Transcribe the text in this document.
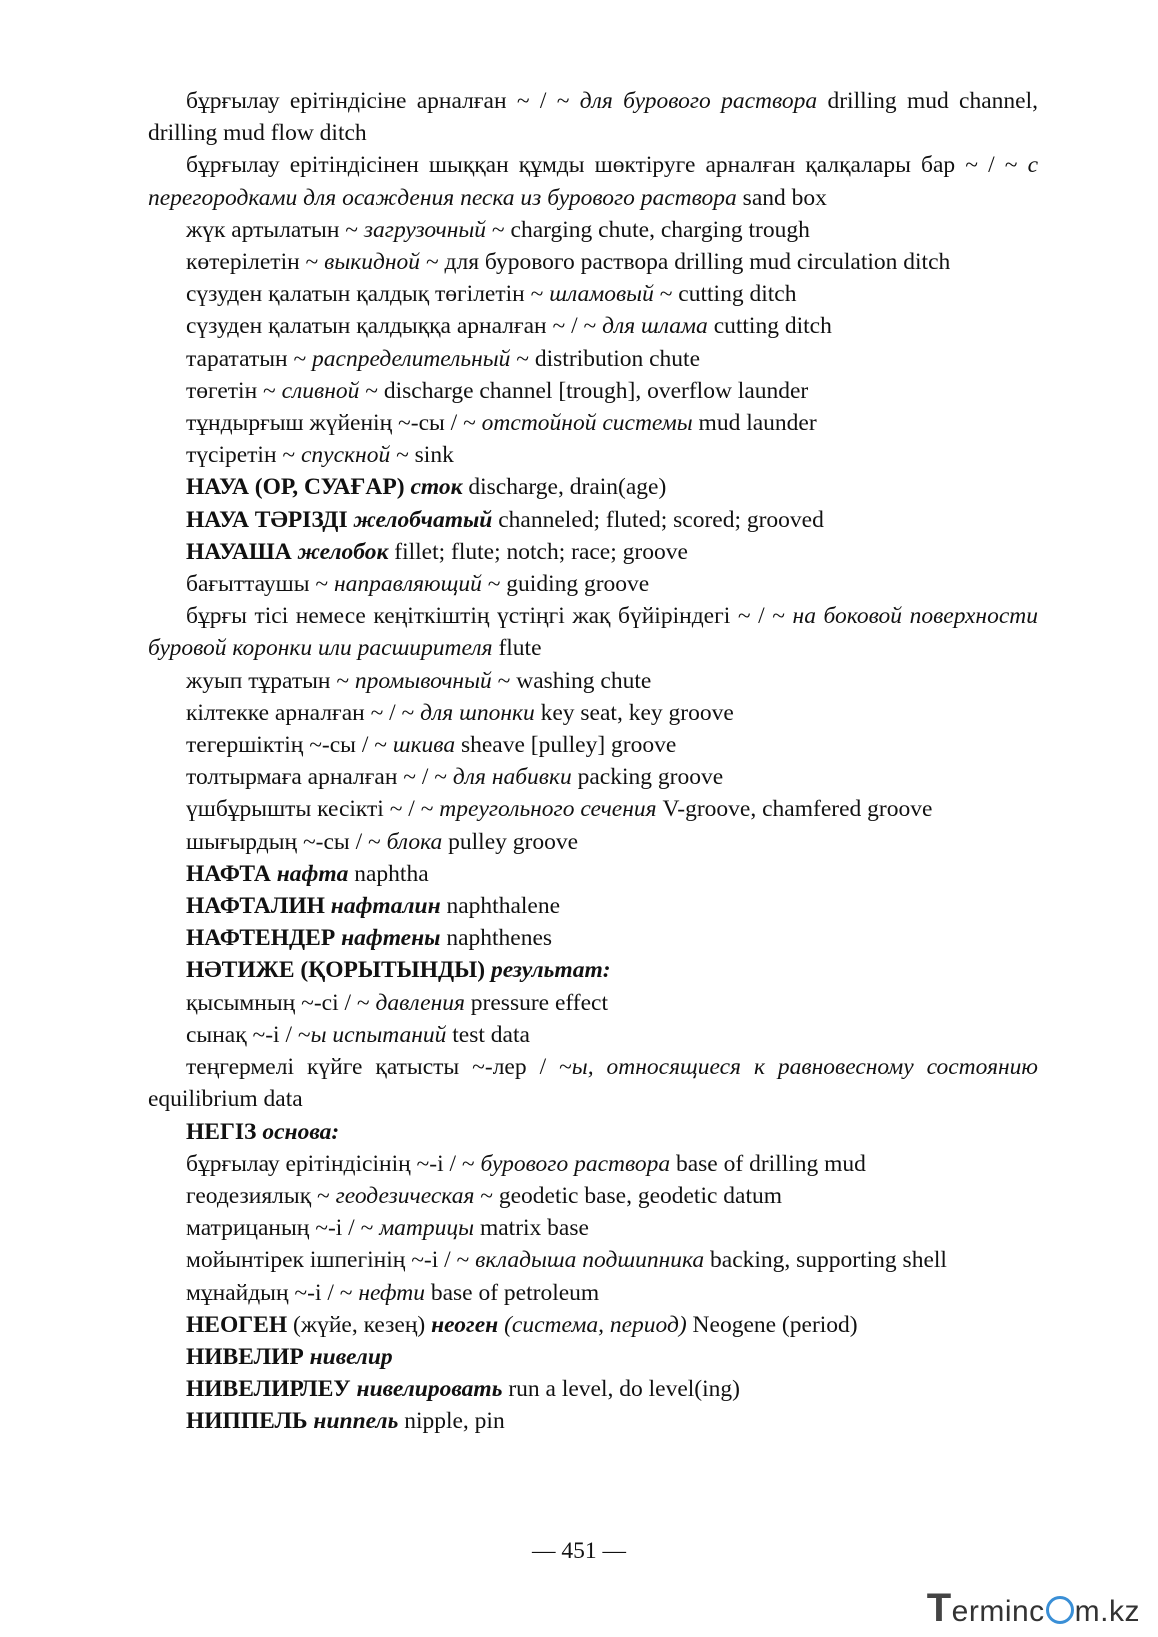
бұрғылау ерітіндісіне арналған ~ / ~ для бурового раствора drilling mud channel, drilling mud flow ditch
бұрғылау ерітіндісінен шыққан құмды шөктіруге арналған қалқалары бар ~ / ~ с перегородками для осаждения песка из бурового раствора sand box
жүк артылатын ~ загрузочный ~ charging chute, charging trough
көтерілетін ~ выкидной ~ для бурового раствора drilling mud circulation ditch
сүзуден қалатын қалдық төгілетін ~ шламовый ~ cutting ditch
сүзуден қалатын қалдыққа арналған ~ / ~ для шлама cutting ditch
тарататын ~ распределительный ~ distribution chute
төгетін ~ сливной ~ discharge channel [trough], overflow launder
тұндырғыш жүйенің ~-сы / ~ отстойной системы mud launder
түсіретін ~ спускной ~ sink
НАУА (ОР, СУАҒАР) сток discharge, drain(age)
НАУА ТӘРІЗДІ желобчатый channeled; fluted; scored; grooved
НАУАША желобок fillet; flute; notch; race; groove
бағыттаушы ~ направляющий ~ guiding groove
бұрғы тісі немесе кеңіткіштің үстіңгі жақ бүйіріндегі ~ / ~ на боковой поверхности буровой коронки или расширителя flute
жуып тұратын ~ промывочный ~ washing chute
кілтекке арналған ~ / ~ для шпонки key seat, key groove
тегершіктің ~-сы / ~ шкива sheave [pulley] groove
толтырмаға арналған ~ / ~ для набивки packing groove
үшбұрышты кесікті ~ / ~ треугольного сечения V-groove, chamfered groove
шығырдың ~-сы / ~ блока pulley groove
НАФТА нафта naphtha
НАФТАЛИН нафталин naphthalene
НАФТЕНДЕР нафтены naphthenes
НӘТИЖЕ (ҚОРЫТЫНДЫ) результат:
қысымның ~-сі / ~ давления pressure effect
сынақ ~-і / ~ы испытаний test data
теңгермелі күйге қатысты ~-лер / ~ы, относящиеся к равновесному состоянию equilibrium data
НЕГІЗ основа:
бұрғылау ерітіндісінің ~-і / ~ бурового раствора base of drilling mud
геодезиялық ~ геодезическая ~ geodetic base, geodetic datum
матрицаның ~-і / ~ матрицы matrix base
мойынтірек ішпегінің ~-і / ~ вкладыша подшипника backing, supporting shell
мұнайдың ~-і / ~ нефти base of petroleum
НЕОГЕН (жүйе, кезең) неоген (система, период) Neogene (period)
НИВЕЛИР нивелир
НИВЕЛИРЛЕУ нивелировать run a level, do level(ing)
НИППЕЛЬ ниппель nipple, pin
— 451 —
Terminc m.kz
